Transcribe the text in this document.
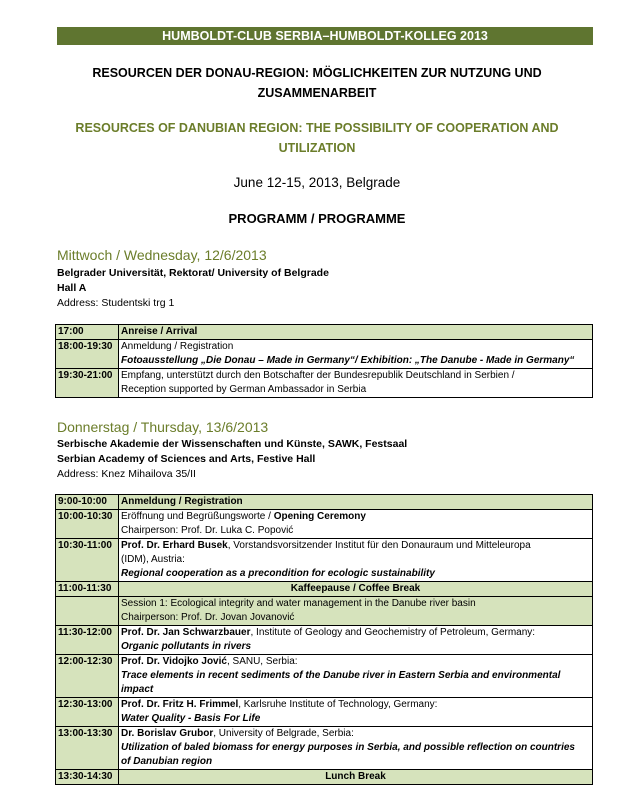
HUMBOLDT-CLUB SERBIA–HUMBOLDT-KOLLEG 2013
RESOURCEN DER DONAU-REGION: MÖGLICHKEITEN ZUR NUTZUNG UND
ZUSAMMENARBEIT
RESOURCES OF DANUBIAN REGION: THE POSSIBILITY OF COOPERATION AND
UTILIZATION
June 12-15, 2013, Belgrade
PROGRAMM / PROGRAMME
Mittwoch / Wednesday, 12/6/2013
Belgrader Universität, Rektorat/ University of Belgrade
Hall A
Address: Studentski trg 1
17:00	Anreise / Arrival
18:00-19:30	Anmeldung / Registration
Fotoausstellung „Die Donau – Made in Germany“/ Exhibition: „The Danube - Made in Germany“

19:30-21:00	Empfang, unterstützt durch den Botschafter der Bundesrepublik Deutschland in Serbien /
Reception supported by German Ambassador in Serbia
Donnerstag / Thursday, 13/6/2013
Serbische Akademie der Wissenschaften und Künste, SAWK, Festsaal
Serbian Academy of Sciences and Arts, Festive Hall
Address: Knez Mihailova 35/II
9:00-10:00	Anmeldung / Registration
10:00-10:30	Eröffnung und Begrüßungsworte / Opening Ceremony
Chairperson: Prof. Dr. Luka C. Popović

10:30-11:00	Prof. Dr. Erhard Busek, Vorstandsvorsitzender Institut für den Donauraum und Mitteleuropa
(IDM), Austria:
Regional cooperation as a precondition for ecologic sustainability

11:00-11:30	Kaffeepause / Coffee Break

	Session 1: Ecological integrity and water management in the Danube river basin
Chairperson: Prof. Dr. Jovan Jovanović

11:30-12:00	Prof. Dr. Jan Schwarzbauer, Institute of Geology and Geochemistry of Petroleum, Germany:
Organic pollutants in rivers

12:00-12:30	Prof. Dr. Vidojko Jović, SANU, Serbia:
Trace elements in recent sediments of the Danube river in Eastern Serbia and environmental
impact

12:30-13:00	Prof. Dr. Fritz H. Frimmel, Karlsruhe Institute of Technology, Germany:
Water Quality - Basis For Life

13:00-13:30	Dr. Borislav Grubor, University of Belgrade, Serbia:
Utilization of baled biomass for energy purposes in Serbia, and possible reflection on countries
of Danubian region

13:30-14:30	Lunch Break
